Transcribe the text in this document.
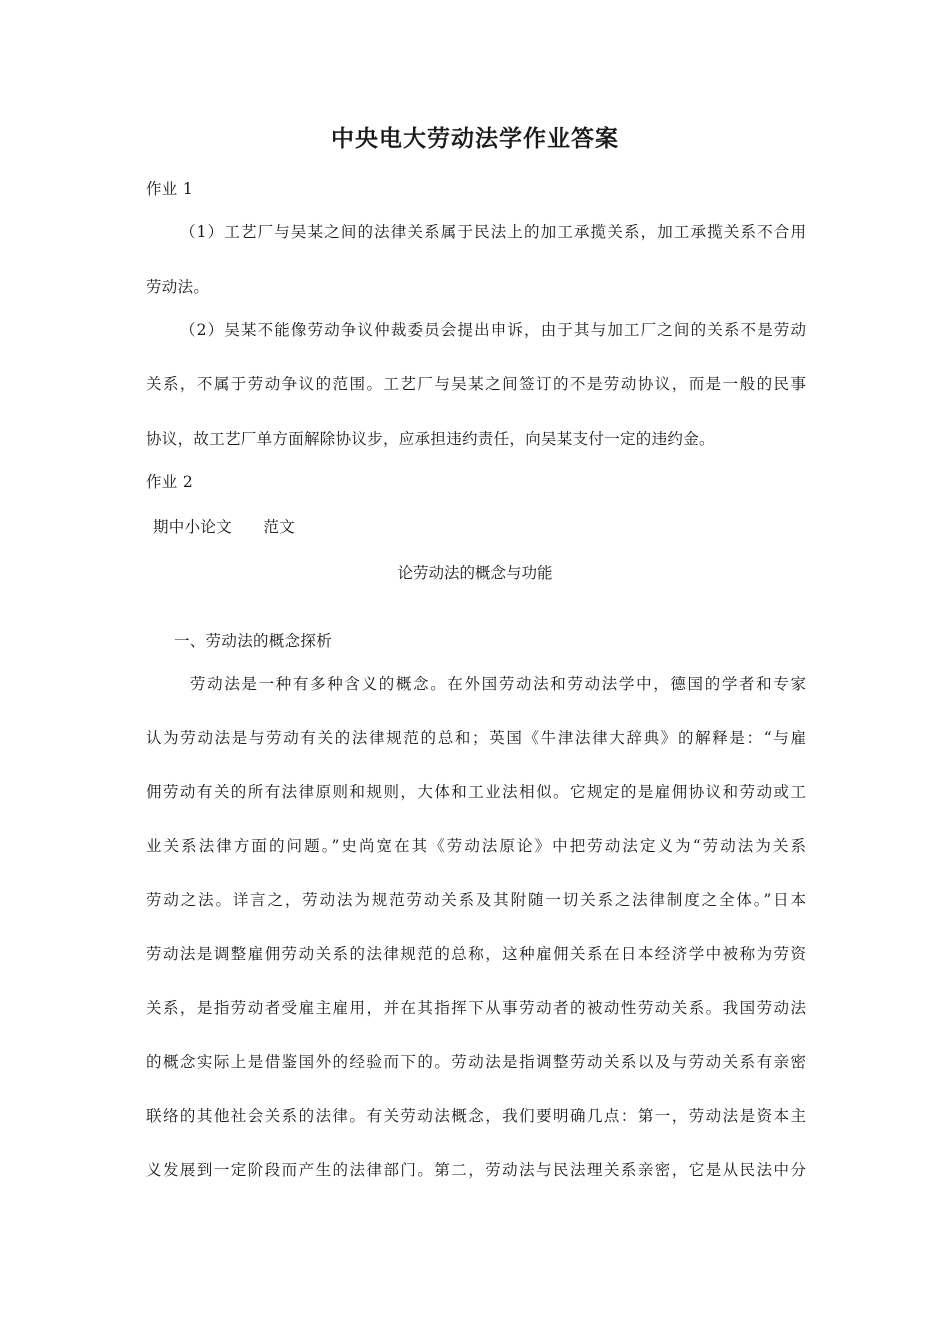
中央电大劳动法学作业答案
作业 1
（1）工艺厂与吴某之间的法律关系属于民法上的加工承揽关系，加工承揽关系不合用
劳动法。
（2）吴某不能像劳动争议仲裁委员会提出申诉，由于其与加工厂之间的关系不是劳动
关系，不属于劳动争议的范围。工艺厂与吴某之间签订的不是劳动协议，而是一般的民事
协议，故工艺厂单方面解除协议步，应承担违约责任，向吴某支付一定的违约金。
作业 2
期中小论文      范文
论劳动法的概念与功能
一、劳动法的概念探析
劳动法是一种有多种含义的概念。在外国劳动法和劳动法学中，德国的学者和专家
认为劳动法是与劳动有关的法律规范的总和；英国《牛津法律大辞典》的解释是：“与雇
佣劳动有关的所有法律原则和规则，大体和工业法相似。它规定的是雇佣协议和劳动或工
业关系法律方面的问题。”史尚宽在其《劳动法原论》中把劳动法定义为“劳动法为关系
劳动之法。详言之，劳动法为规范劳动关系及其附随一切关系之法律制度之全体。”日本
劳动法是调整雇佣劳动关系的法律规范的总称，这种雇佣关系在日本经济学中被称为劳资
关系，是指劳动者受雇主雇用，并在其指挥下从事劳动者的被动性劳动关系。我国劳动法
的概念实际上是借鉴国外的经验而下的。劳动法是指调整劳动关系以及与劳动关系有亲密
联络的其他社会关系的法律。有关劳动法概念，我们要明确几点：第一，劳动法是资本主
义发展到一定阶段而产生的法律部门。第二，劳动法与民法理关系亲密，它是从民法中分
